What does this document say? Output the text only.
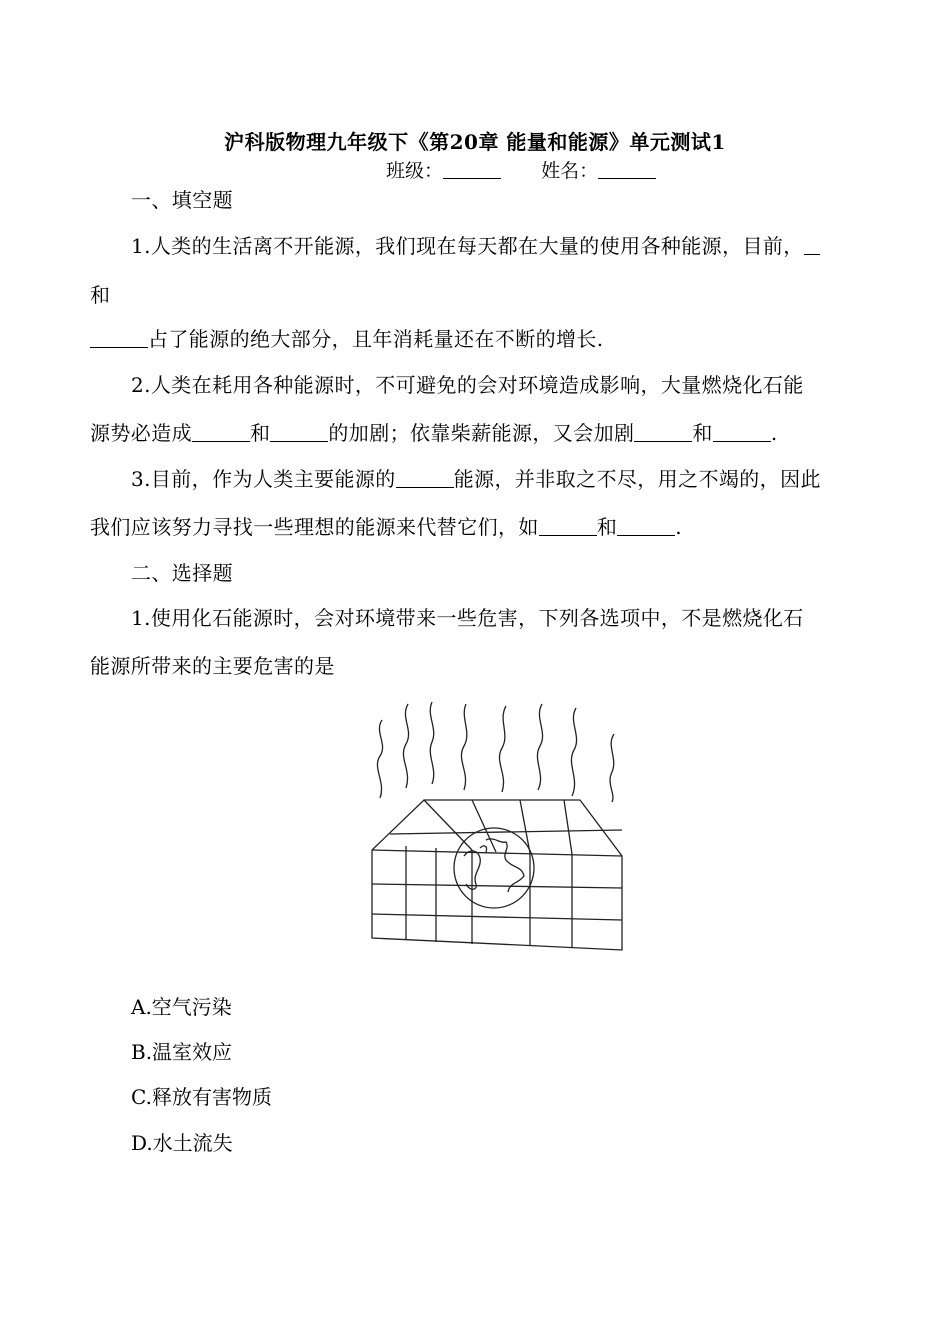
沪科版物理九年级下《第20章 能量和能源》单元测试1
班级：	姓名：
一、填空题
1.人类的生活离不开能源，我们现在每天都在大量的使用各种能源，目前，
和
占了能源的绝大部分，且年消耗量还在不断的增长.
2.人类在耗用各种能源时，不可避免的会对环境造成影响，大量燃烧化石能
源势必造成	和	的加剧；依靠柴薪能源，又会加剧	和	.
3.目前，作为人类主要能源的	能源，并非取之不尽，用之不竭的，因此
我们应该努力寻找一些理想的能源来代替它们，如	和	.
二、选择题
1.使用化石能源时，会对环境带来一些危害，下列各选项中，不是燃烧化石
能源所带来的主要危害的是
A.空气污染
B.温室效应
C.释放有害物质
D.水土流失
